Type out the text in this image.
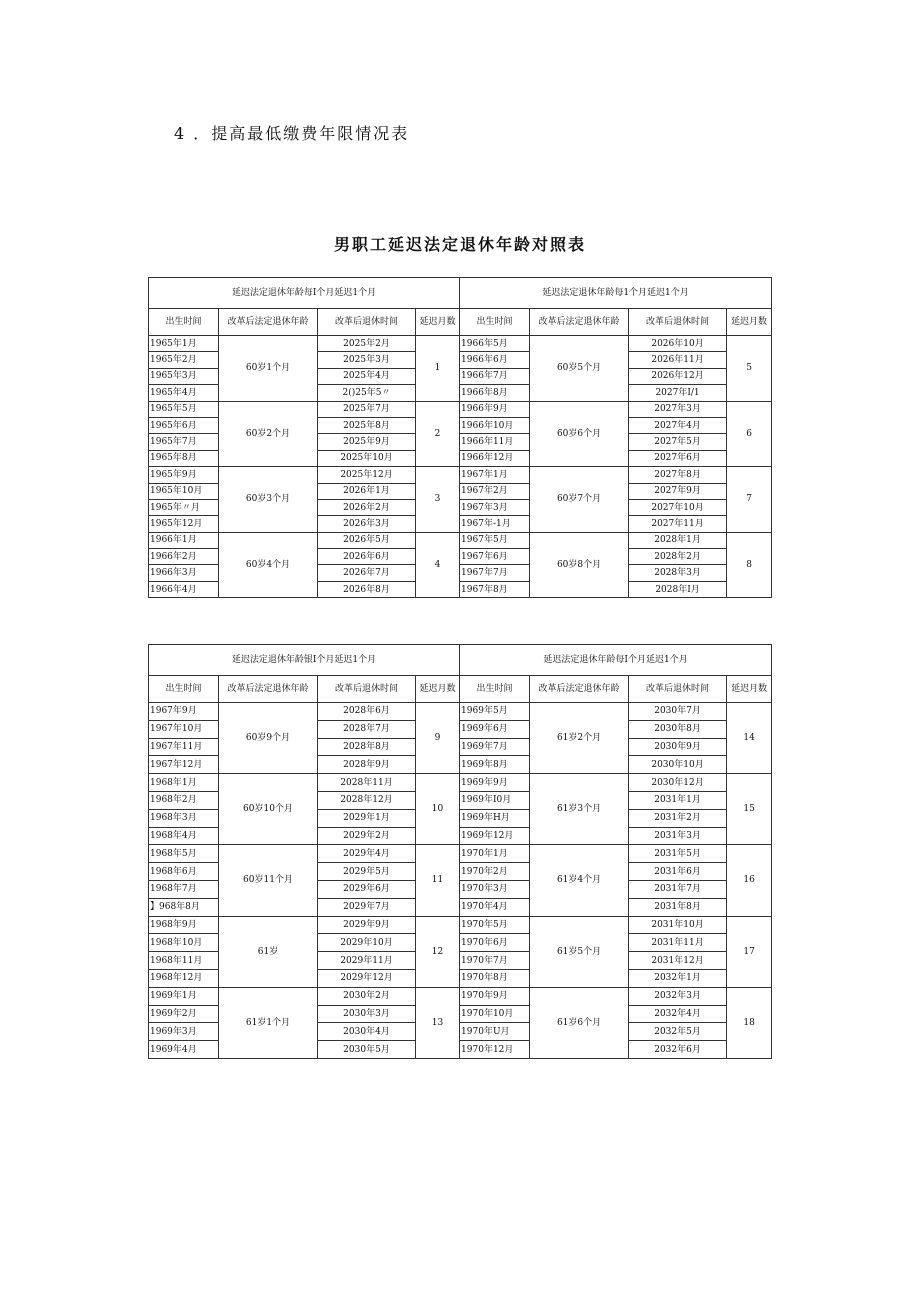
4 ．提高最低缴费年限情况表
男职工延迟法定退休年龄对照表
延迟法定退休年龄每I个月延迟1个月				延迟法定退休年龄每1个月延迟1个月			
出生时间	改革后法定退休年龄	改革后退休时间	延迟月数	出生时间	改革后法定退休年龄	改革后退休时间	延迟月数
1965年1月	60岁1个月	2025年2月	1	1966年5月	60岁5个月	2026年10月	5
1965年2月		2025年3月		1966年6月		2026年11月	
1965年3月		2025年4月		1966年7月		2026年12月	
1965年4月		2()25年5〃		1966年8月		2027年I/1	
1965年5月	60岁2个月	2025年7月	2	1966年9月	60岁6个月	2027年3月	6
1965年6月		2025年8月		1966年10月		2027年4月	
1965年7月		2025年9月		1966年11月		2027年5月	
1965年8月		2025年10月		1966年12月		2027年6月	
1965年9月	60岁3个月	2025年12月	3	1967年1月	60岁7个月	2027年8月	7
1965年10月		2026年1月		1967年2月		2027年9月	
1965年〃月		2026年2月		1967年3月		2027年10月	
1965年12月		2026年3月		1967年-1月		2027年11月	
1966年1月	60岁4个月	2026年5月	4	1967年5月	60岁8个月	2028年1月	8
1966年2月		2026年6月		1967年6月		2028年2月	
1966年3月		2026年7月		1967年7月		2028年3月	
1966年4月		2026年8月		1967年8月		2028年I月	
延迟法定退休年龄银I个月延迟1个月				延迟法定退休年龄每I个月延迟1个月			
出生时间	改革后法定退休年龄	改革后退休时间	延迟月数	出生时间	改革后法定退休年龄	改革后退休时间	延迟月数
1967年9月	60岁9个月	2028年6月	9	1969年5月	61岁2个月	2030年7月	14
1967年10月		2028年7月		1969年6月		2030年8月	
1967年11月		2028年8月		1969年7月		2030年9月	
1967年12月		2028年9月		1969年8月		2030年10月	
1968年1月	60岁10个月	2028年11月	10	1969年9月	61岁3个月	2030年12月	15
1968年2月		2028年12月		1969年I0月		2031年1月	
1968年3月		2029年1月		1969年H月		2031年2月	
1968年4月		2029年2月		1969年12月		2031年3月	
1968年5月	60岁11个月	2029年4月	11	1970年1月	61岁4个月	2031年5月	16
1968年6月		2029年5月		1970年2月		2031年6月	
1968年7月		2029年6月		1970年3月		2031年7月	
】968年8月		2029年7月		1970年4月		2031年8月	
1968年9月	61岁	2029年9月	12	1970年5月	61岁5个月	2031年10月	17
1968年10月		2029年10月		1970年6月		2031年11月	
1968年11月		2029年11月		1970年7月		2031年12月	
1968年12月		2029年12月		1970年8月		2032年1月	
1969年1月	61岁1个月	2030年2月	13	1970年9月	61岁6个月	2032年3月	18
1969年2月		2030年3月		1970年10月		2032年4月	
1969年3月		2030年4月		1970年U月		2032年5月	
1969年4月		2030年5月		1970年12月		2032年6月	
